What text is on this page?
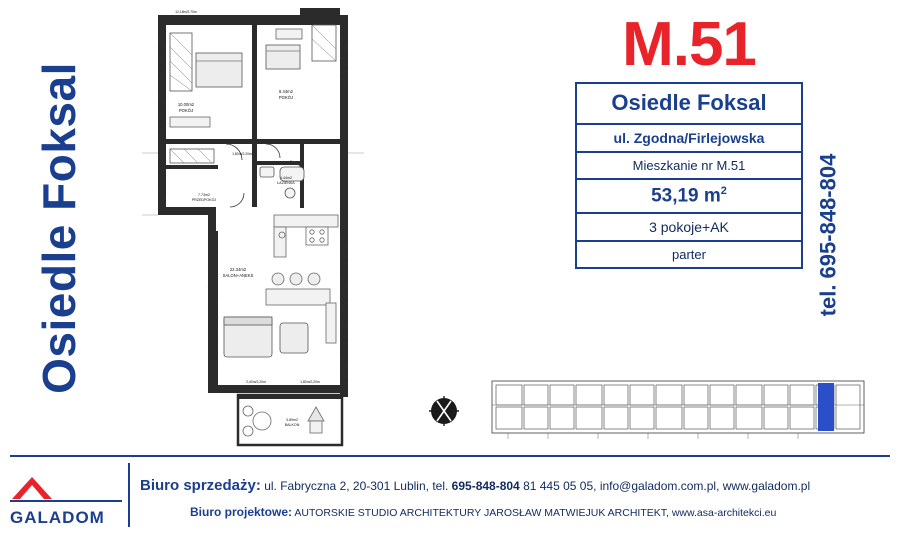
Osiedle Foksal	10.00m2
POKÓJ
8.44m2
POKÓJ
7.73m2
PRZEDPOKÓJ
4.44m2
ŁAZIENKA
22.34m2
SALON+ANEKS
3.89m2
BALKON
12,18m/2,70m
1,80m/2,20m
2,40m/2,20m	1,80m/2,20m
M.51
Osiedle Foksal
ul. Zgodna/Firlejowska
Mieszkanie nr M.51
53,19 $m^2$
3 pokoje+AK
parter	tel. 695-848-804
GALADOM
Biuro sprzedaży: ul. Fabryczna 2, 20-301 Lublin, tel. 695-848-804 81 445 05 05, info@galadom.com.pl, www.galadom.pl
Biuro projektowe: AUTORSKIE STUDIO ARCHITEKTURY JAROSŁAW MATWIEJUK ARCHITEKT, www.asa-architekci.eu
